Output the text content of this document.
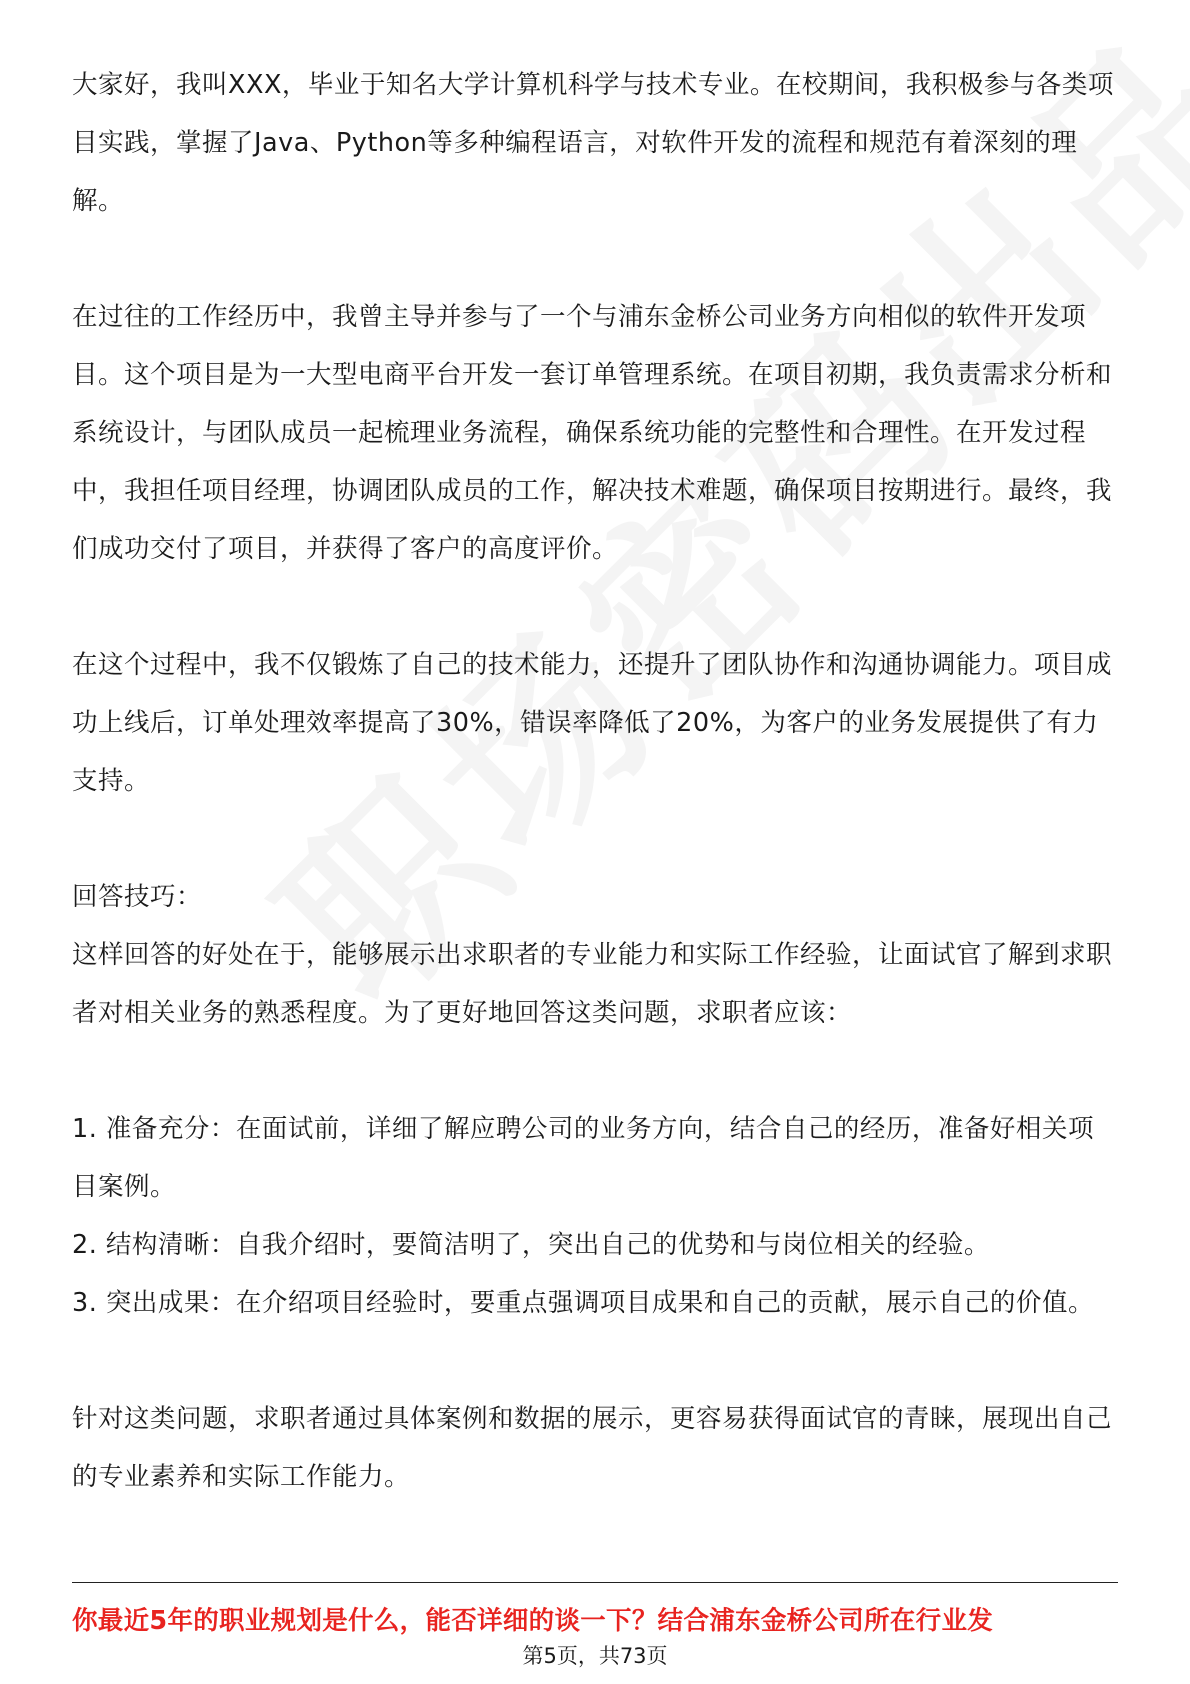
大家好，我叫XXX，毕业于知名大学计算机科学与技术专业。在校期间，我积极参与各类项目实践，掌握了Java、Python等多种编程语言，对软件开发的流程和规范有着深刻的理解。

在过往的工作经历中，我曾主导并参与了一个与浦东金桥公司业务方向相似的软件开发项目。这个项目是为一大型电商平台开发一套订单管理系统。在项目初期，我负责需求分析和系统设计，与团队成员一起梳理业务流程，确保系统功能的完整性和合理性。在开发过程中，我担任项目经理，协调团队成员的工作，解决技术难题，确保项目按期进行。最终，我们成功交付了项目，并获得了客户的高度评价。

在这个过程中，我不仅锻炼了自己的技术能力，还提升了团队协作和沟通协调能力。项目成功上线后，订单处理效率提高了30%，错误率降低了20%，为客户的业务发展提供了有力支持。

回答技巧：

这样回答的好处在于，能够展示出求职者的专业能力和实际工作经验，让面试官了解到求职者对相关业务的熟悉程度。为了更好地回答这类问题，求职者应该：

1. 准备充分：在面试前，详细了解应聘公司的业务方向，结合自己的经历，准备好相关项目案例。

2. 结构清晰：自我介绍时，要简洁明了，突出自己的优势和与岗位相关的经验。

3. 突出成果：在介绍项目经验时，要重点强调项目成果和自己的贡献，展示自己的价值。

针对这类问题，求职者通过具体案例和数据的展示，更容易获得面试官的青睐，展现出自己的专业素养和实际工作能力。

你最近5年的职业规划是什么，能否详细的谈一下？结合浦东金桥公司所在行业发
第5页，共73页
